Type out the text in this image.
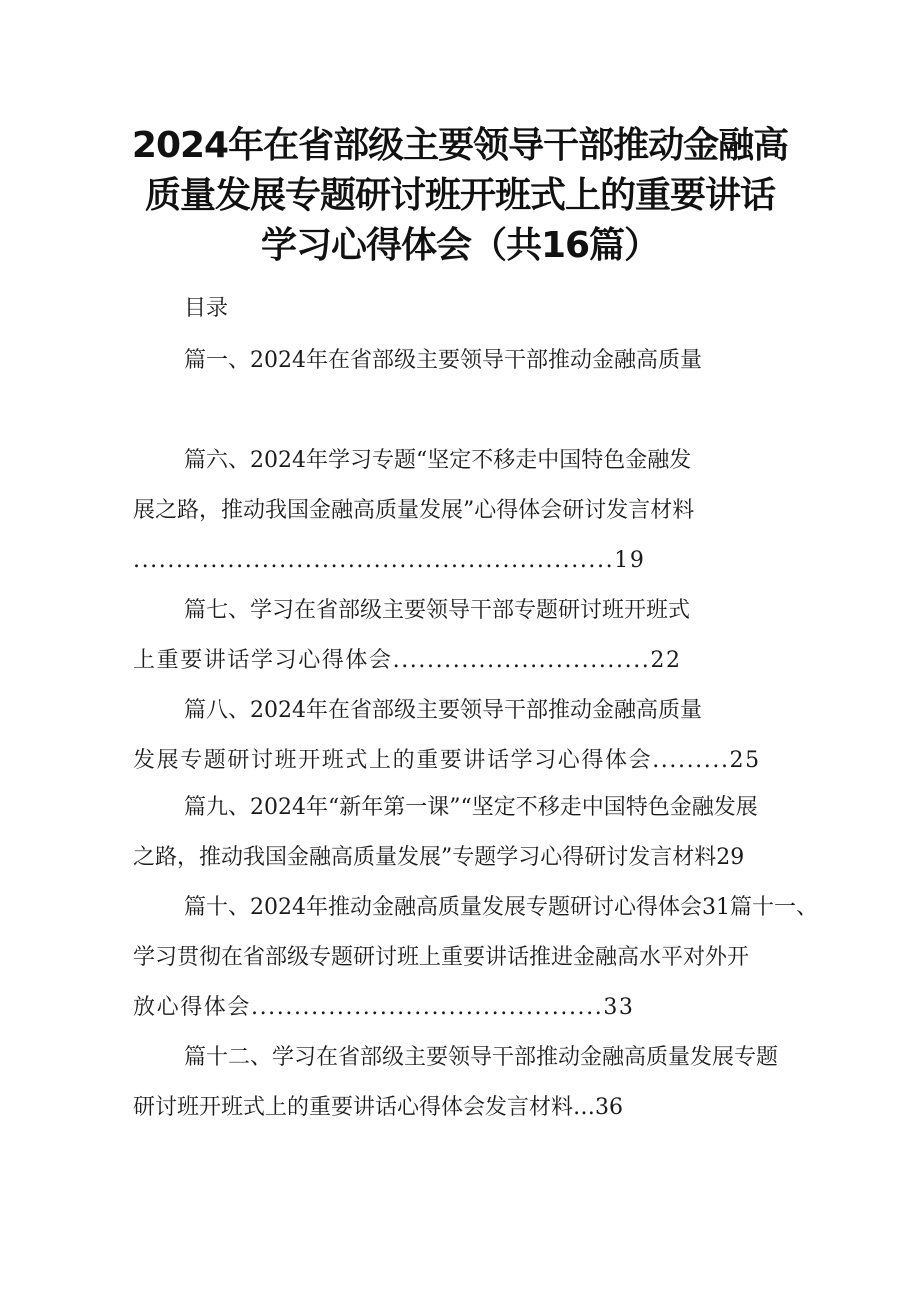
2024年在省部级主要领导干部推动金融高
质量发展专题研讨班开班式上的重要讲话
学习心得体会（共16篇）
目录
篇一、2024年在省部级主要领导干部推动金融高质量
篇六、2024年学习专题“坚定不移走中国特色金融发
展之路，推动我国金融高质量发展”心得体会研讨发言材料
........................................................19
篇七、学习在省部级主要领导干部专题研讨班开班式
上重要讲话学习心得体会..............................22
篇八、2024年在省部级主要领导干部推动金融高质量
发展专题研讨班开班式上的重要讲话学习心得体会.........25
篇九、2024年“新年第一课”“坚定不移走中国特色金融发展
之路，推动我国金融高质量发展”专题学习心得研讨发言材料29
篇十、2024年推动金融高质量发展专题研讨心得体会31篇十一、
学习贯彻在省部级专题研讨班上重要讲话推进金融高水平对外开
放心得体会.........................................33
篇十二、学习在省部级主要领导干部推动金融高质量发展专题
研讨班开班式上的重要讲话心得体会发言材料…36
